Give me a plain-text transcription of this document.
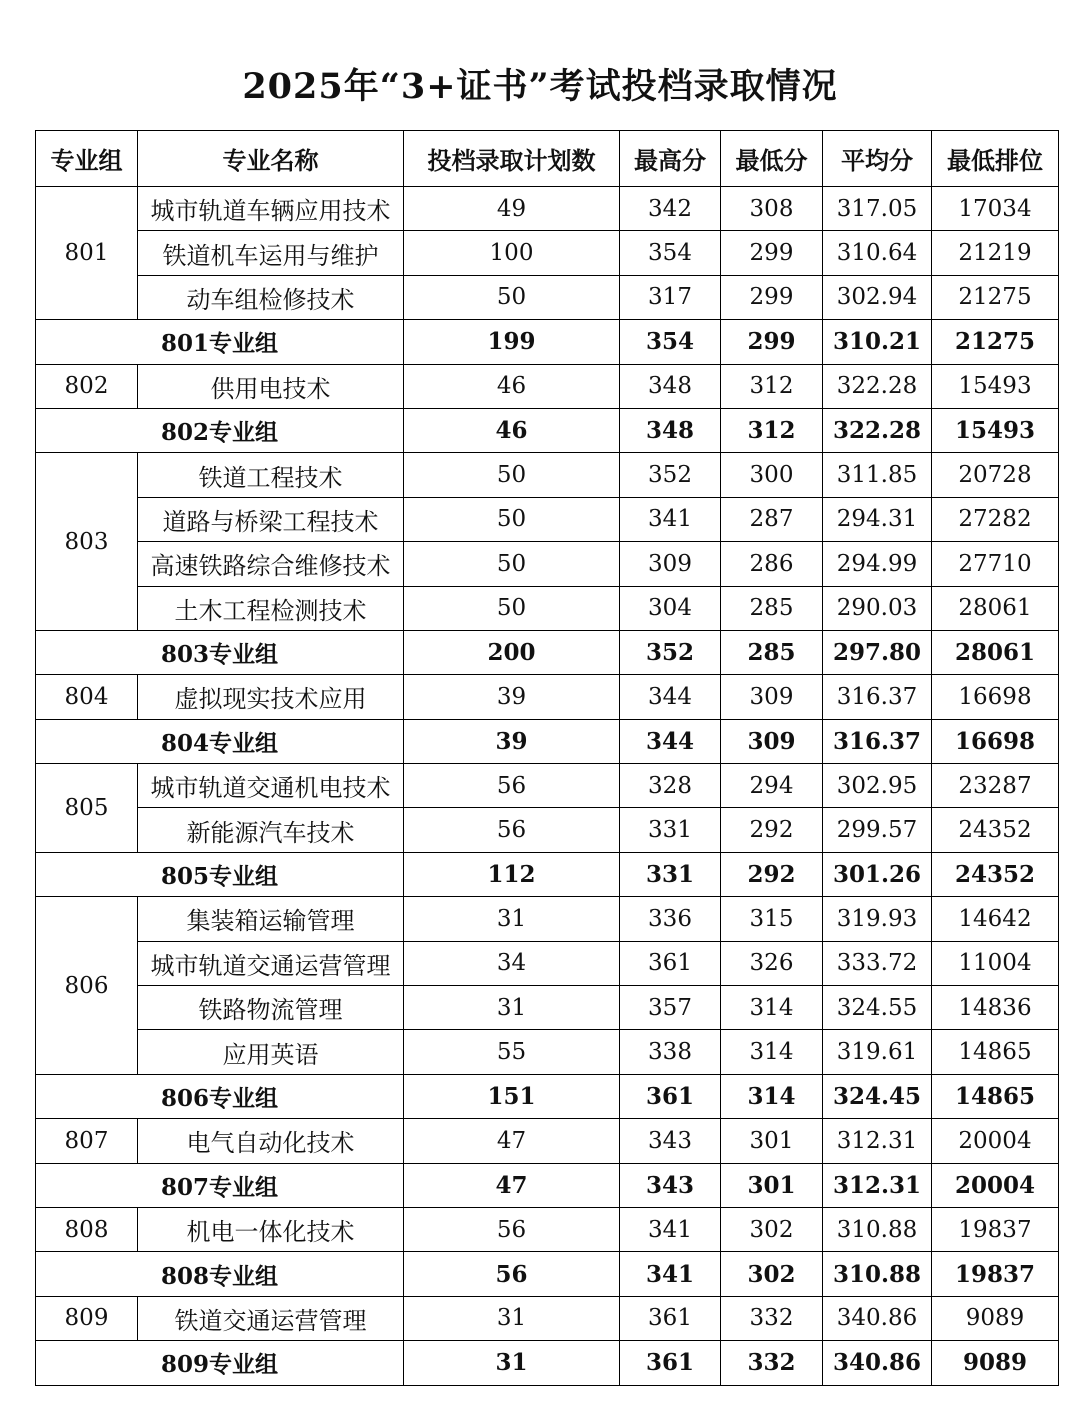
2025年“3+证书”考试投档录取情况
专业组	专业名称	投档录取计划数	最高分	最低分	平均分	最低排位
801	城市轨道车辆应用技术	49	342	308	317.05	17034
	铁道机车运用与维护	100	354	299	310.64	21219
	动车组检修技术	50	317	299	302.94	21275
801专业组		199	354	299	310.21	21275
802	供用电技术	46	348	312	322.28	15493
802专业组		46	348	312	322.28	15493
803	铁道工程技术	50	352	300	311.85	20728
	道路与桥梁工程技术	50	341	287	294.31	27282
	高速铁路综合维修技术	50	309	286	294.99	27710
	土木工程检测技术	50	304	285	290.03	28061
803专业组		200	352	285	297.80	28061
804	虚拟现实技术应用	39	344	309	316.37	16698
804专业组		39	344	309	316.37	16698
805	城市轨道交通机电技术	56	328	294	302.95	23287
	新能源汽车技术	56	331	292	299.57	24352
805专业组		112	331	292	301.26	24352
806	集装箱运输管理	31	336	315	319.93	14642
	城市轨道交通运营管理	34	361	326	333.72	11004
	铁路物流管理	31	357	314	324.55	14836
	应用英语	55	338	314	319.61	14865
806专业组		151	361	314	324.45	14865
807	电气自动化技术	47	343	301	312.31	20004
807专业组		47	343	301	312.31	20004
808	机电一体化技术	56	341	302	310.88	19837
808专业组		56	341	302	310.88	19837
809	铁道交通运营管理	31	361	332	340.86	9089
809专业组		31	361	332	340.86	9089
